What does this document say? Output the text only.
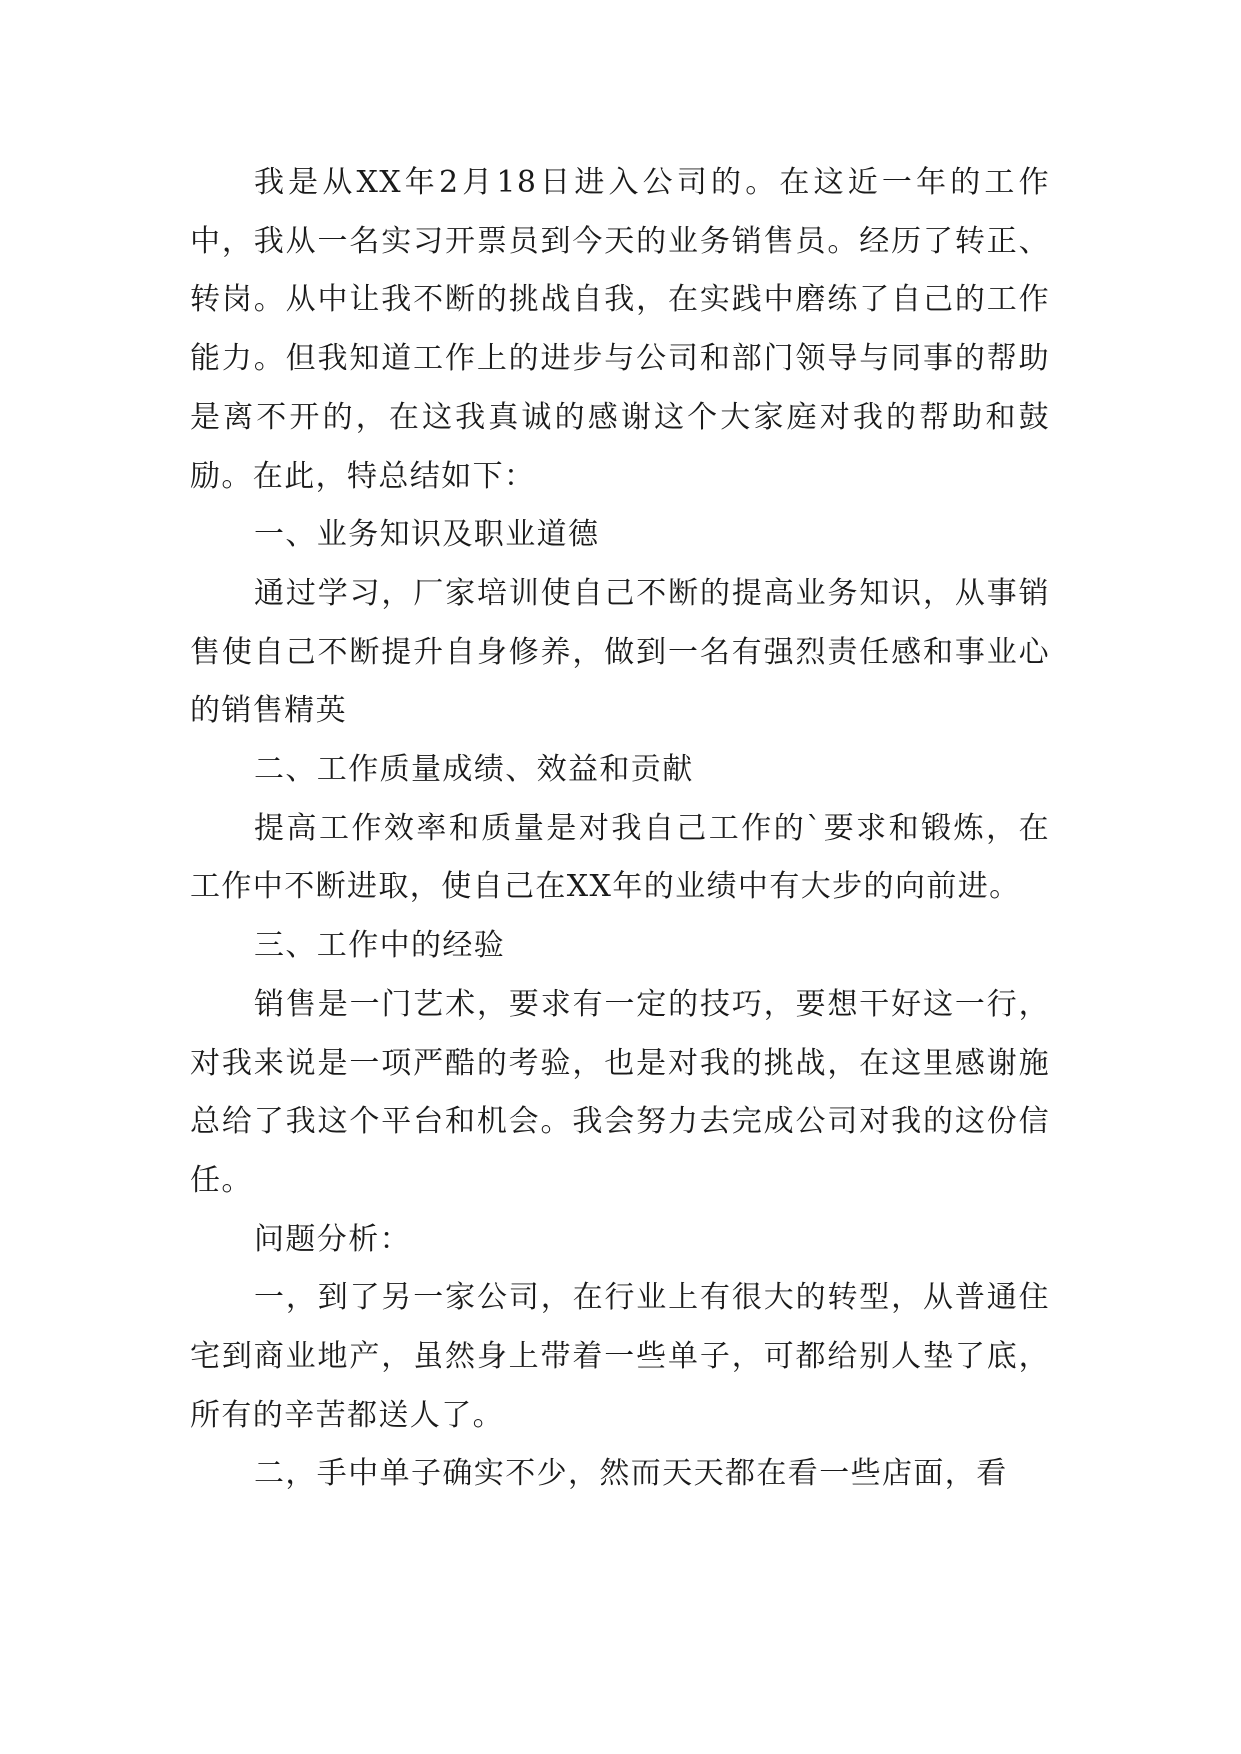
我是从XX年2月18日进入公司的。在这近一年的工作中，我从一名实习开票员到今天的业务销售员。经历了转正、转岗。从中让我不断的挑战自我，在实践中磨练了自己的工作能力。但我知道工作上的进步与公司和部门领导与同事的帮助是离不开的，在这我真诚的感谢这个大家庭对我的帮助和鼓励。在此，特总结如下：

一、业务知识及职业道德

通过学习，厂家培训使自己不断的提高业务知识，从事销售使自己不断提升自身修养，做到一名有强烈责任感和事业心的销售精英

二、工作质量成绩、效益和贡献

提高工作效率和质量是对我自己工作的`要求和锻炼，在工作中不断进取，使自己在XX年的业绩中有大步的向前进。

三、工作中的经验

销售是一门艺术，要求有一定的技巧，要想干好这一行，对我来说是一项严酷的考验，也是对我的挑战，在这里感谢施总给了我这个平台和机会。我会努力去完成公司对我的这份信任。

问题分析：

一，到了另一家公司，在行业上有很大的转型，从普通住宅到商业地产，虽然身上带着一些单子，可都给别人垫了底，所有的辛苦都送人了。

二，手中单子确实不少，然而天天都在看一些店面，看
